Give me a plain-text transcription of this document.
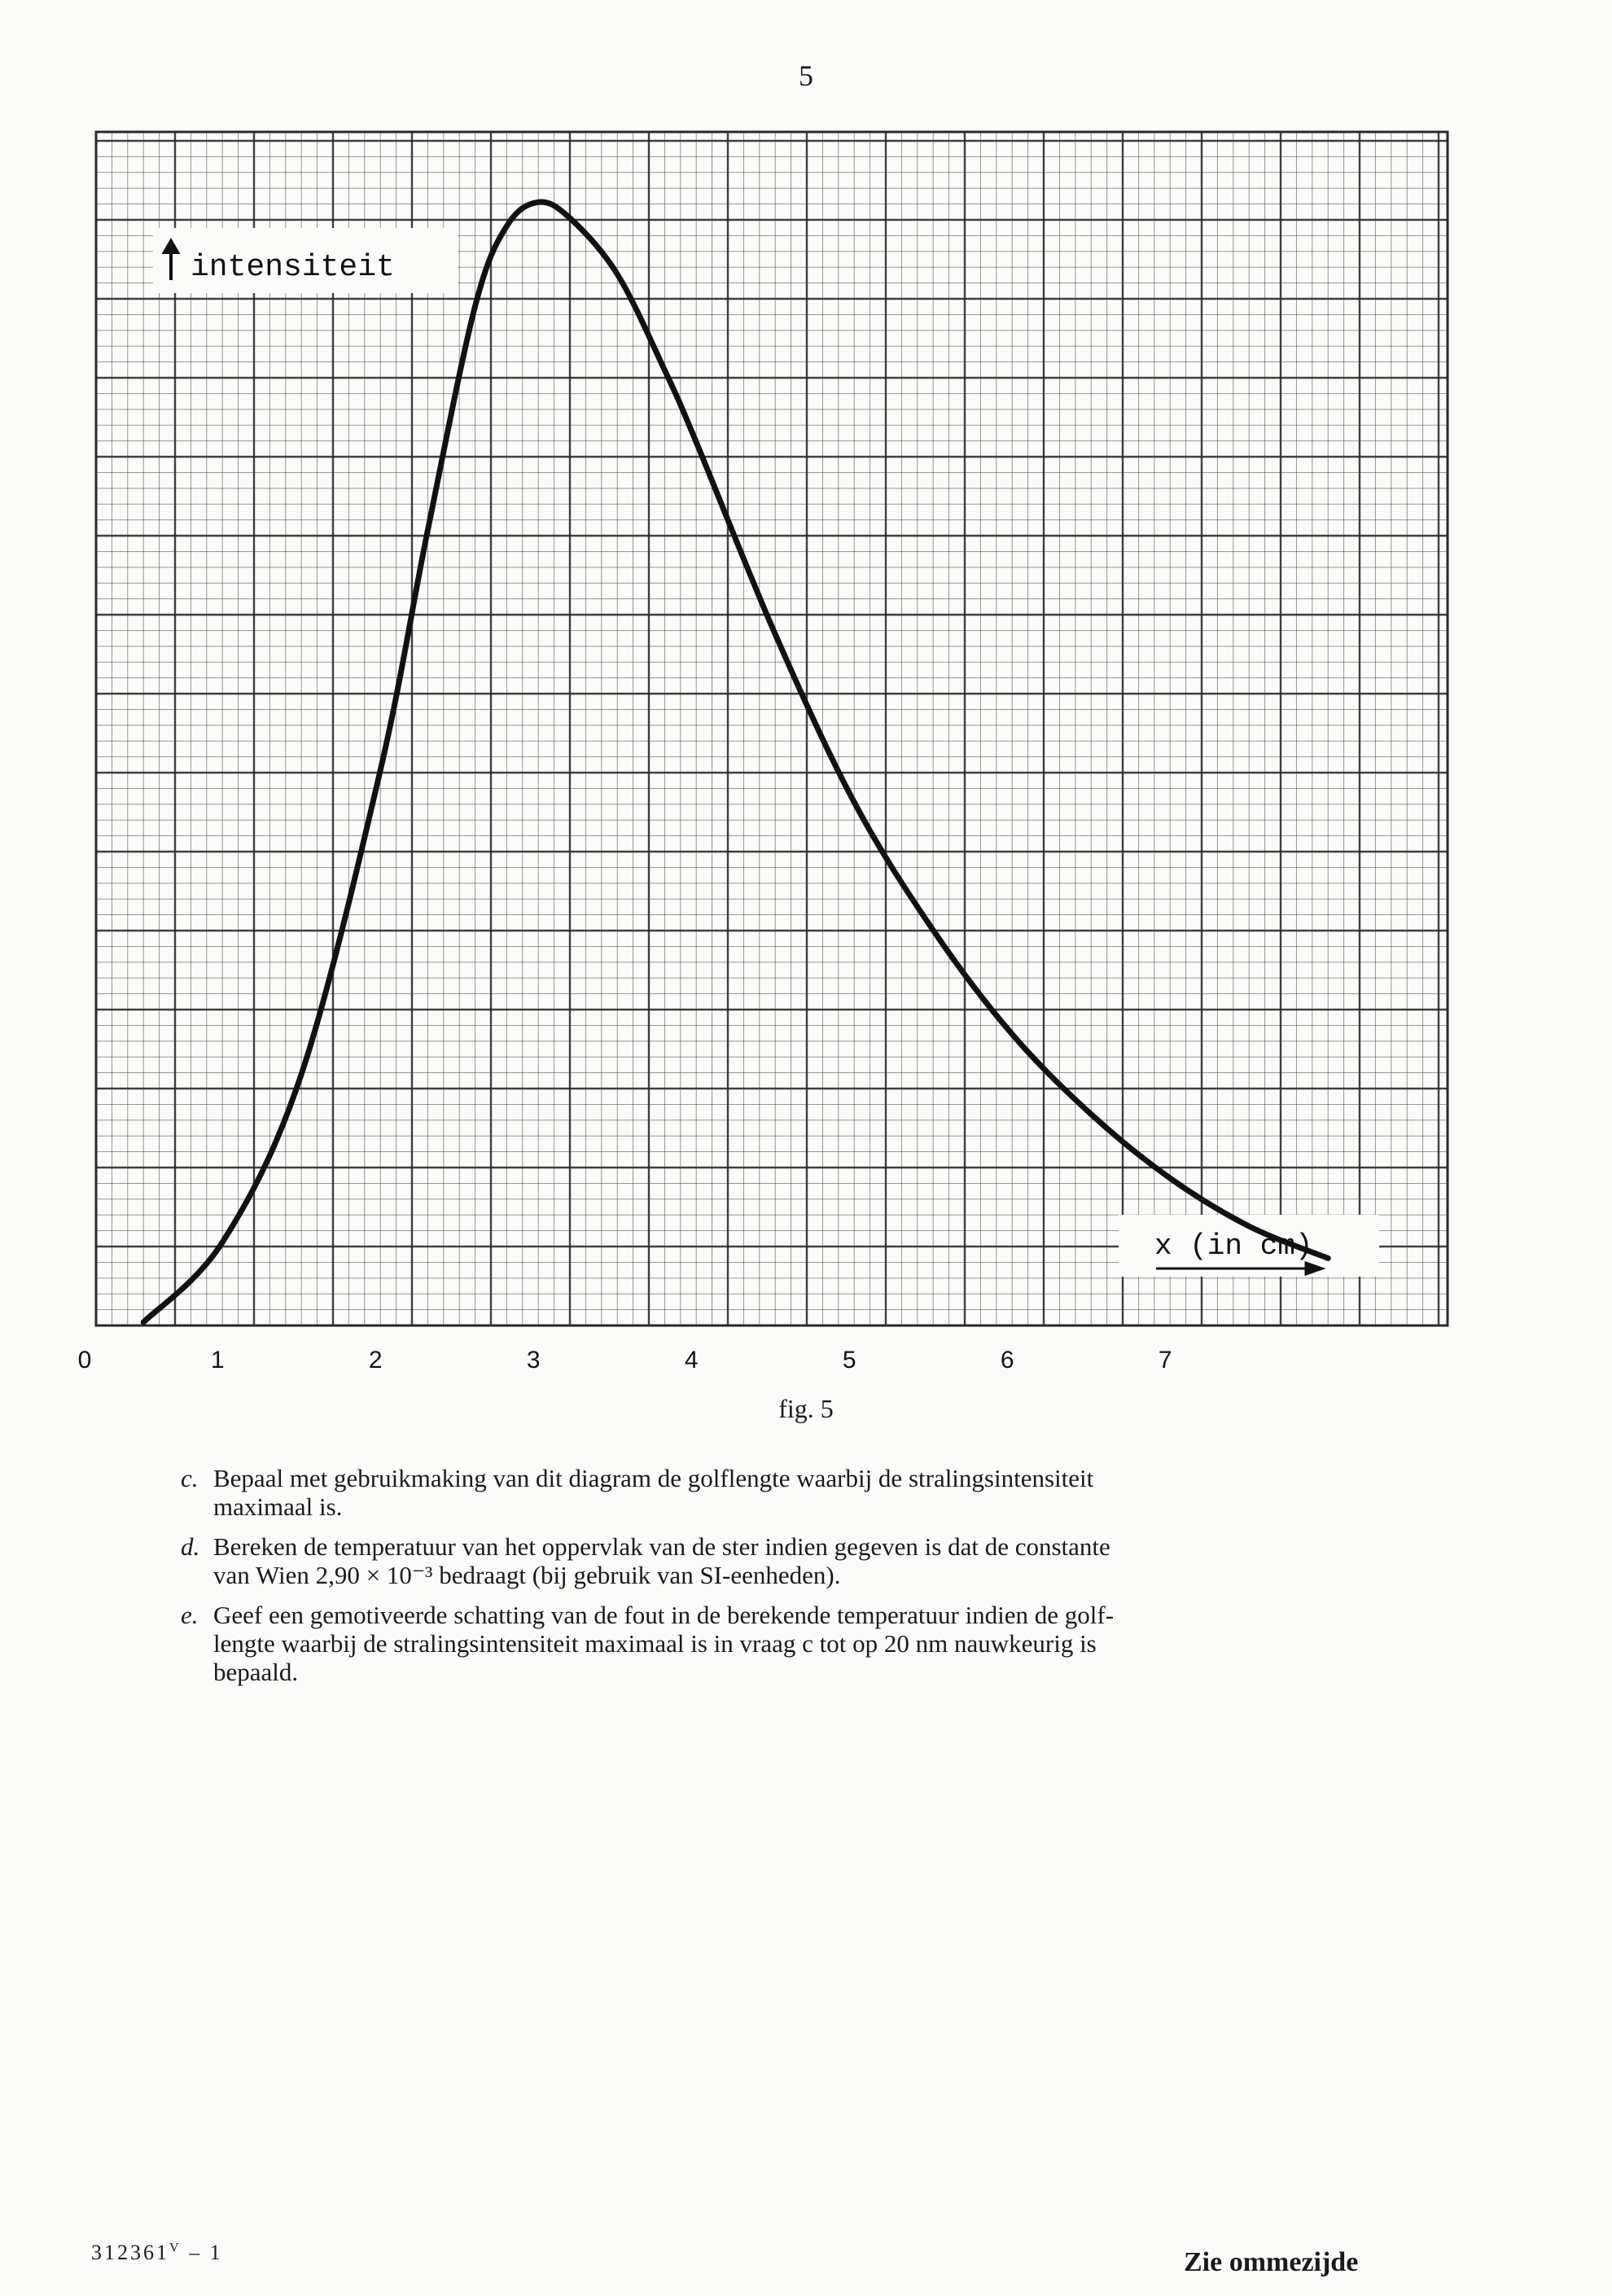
5
intensiteit
x (in cm)
0	1	2	3	4	5	6	7
fig. 5
c. Bepaal met gebruikmaking van dit diagram de golflengte waarbij de stralingsintensiteit
maximaal is.
d. Bereken de temperatuur van het oppervlak van de ster indien gegeven is dat de constante
van Wien 2,90 × 10⁻³ bedraagt (bij gebruik van SI-eenheden).
e. Geef een gemotiveerde schatting van de fout in de berekende temperatuur indien de golf-
lengte waarbij de stralingsintensiteit maximaal is in vraag c tot op 20 nm nauwkeurig is
bepaald.
$312361^V - 1$	Zie ommezijde
